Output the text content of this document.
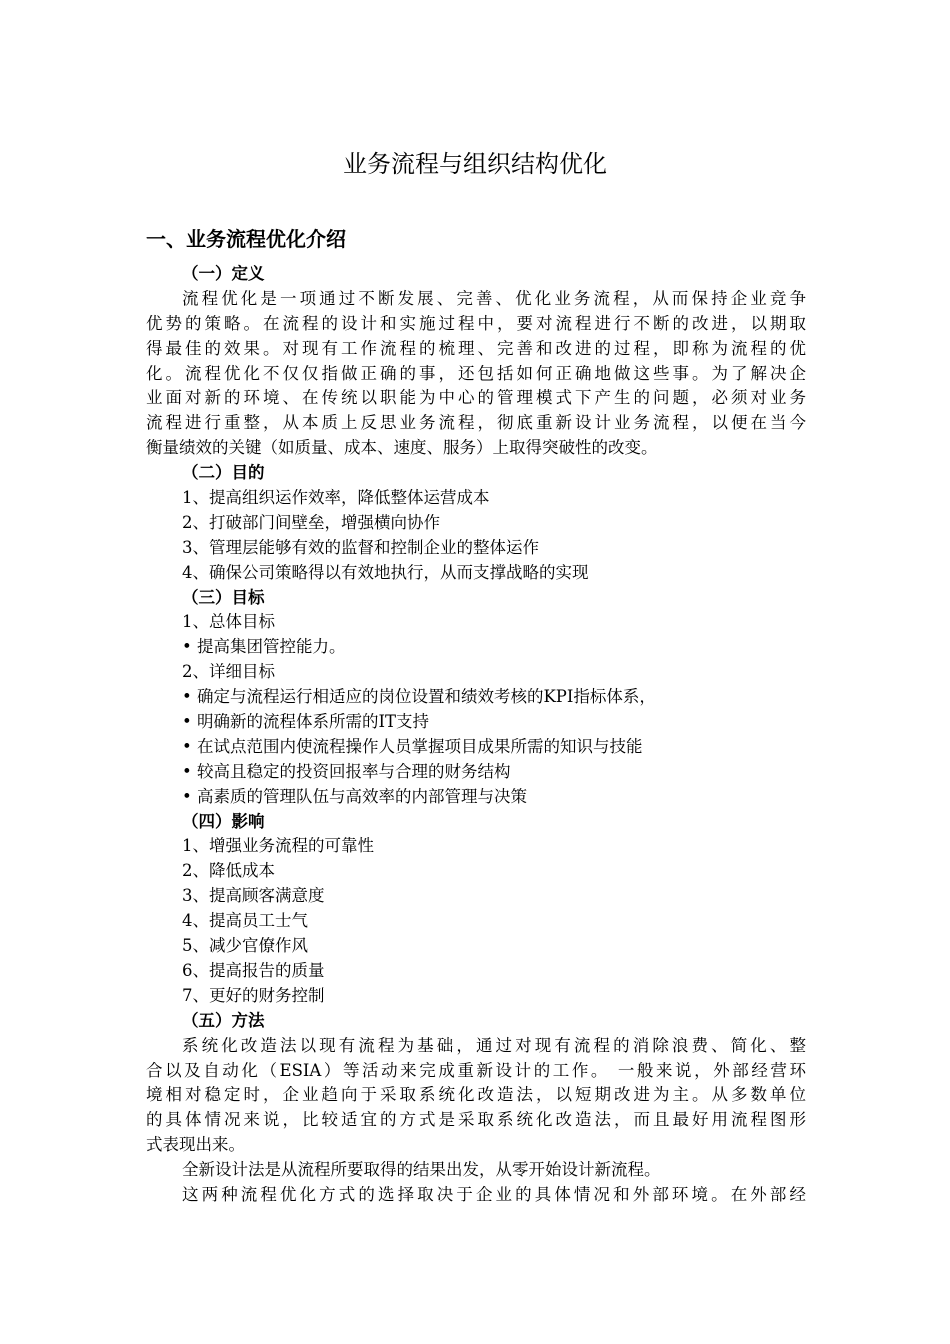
业务流程与组织结构优化
一、业务流程优化介绍
（一）定义
流程优化是一项通过不断发展、完善、优化业务流程，从而保持企业竞争
优势的策略。在流程的设计和实施过程中，要对流程进行不断的改进，以期取
得最佳的效果。对现有工作流程的梳理、完善和改进的过程，即称为流程的优
化。流程优化不仅仅指做正确的事，还包括如何正确地做这些事。为了解决企
业面对新的环境、在传统以职能为中心的管理模式下产生的问题，必须对业务
流程进行重整，从本质上反思业务流程，彻底重新设计业务流程，以便在当今
衡量绩效的关键（如质量、成本、速度、服务）上取得突破性的改变。
（二）目的
1、提高组织运作效率，降低整体运营成本
2、打破部门间壁垒，增强横向协作
3、管理层能够有效的监督和控制企业的整体运作
4、确保公司策略得以有效地执行，从而支撑战略的实现
（三）目标
1、总体目标
• 提高集团管控能力。
2、详细目标
• 确定与流程运行相适应的岗位设置和绩效考核的KPI指标体系，
• 明确新的流程体系所需的IT支持
• 在试点范围内使流程操作人员掌握项目成果所需的知识与技能
• 较高且稳定的投资回报率与合理的财务结构
• 高素质的管理队伍与高效率的内部管理与决策
（四）影响
1、增强业务流程的可靠性
2、降低成本
3、提高顾客满意度
4、提高员工士气
5、减少官僚作风
6、提高报告的质量
7、更好的财务控制
（五）方法
系统化改造法以现有流程为基础，通过对现有流程的消除浪费、简化、整
合以及自动化（ESIA）等活动来完成重新设计的工作。 一般来说，外部经营环
境相对稳定时，企业趋向于采取系统化改造法，以短期改进为主。从多数单位
的具体情况来说，比较适宜的方式是采取系统化改造法，而且最好用流程图形
式表现出来。
全新设计法是从流程所要取得的结果出发，从零开始设计新流程。
这两种流程优化方式的选择取决于企业的具体情况和外部环境。在外部经
